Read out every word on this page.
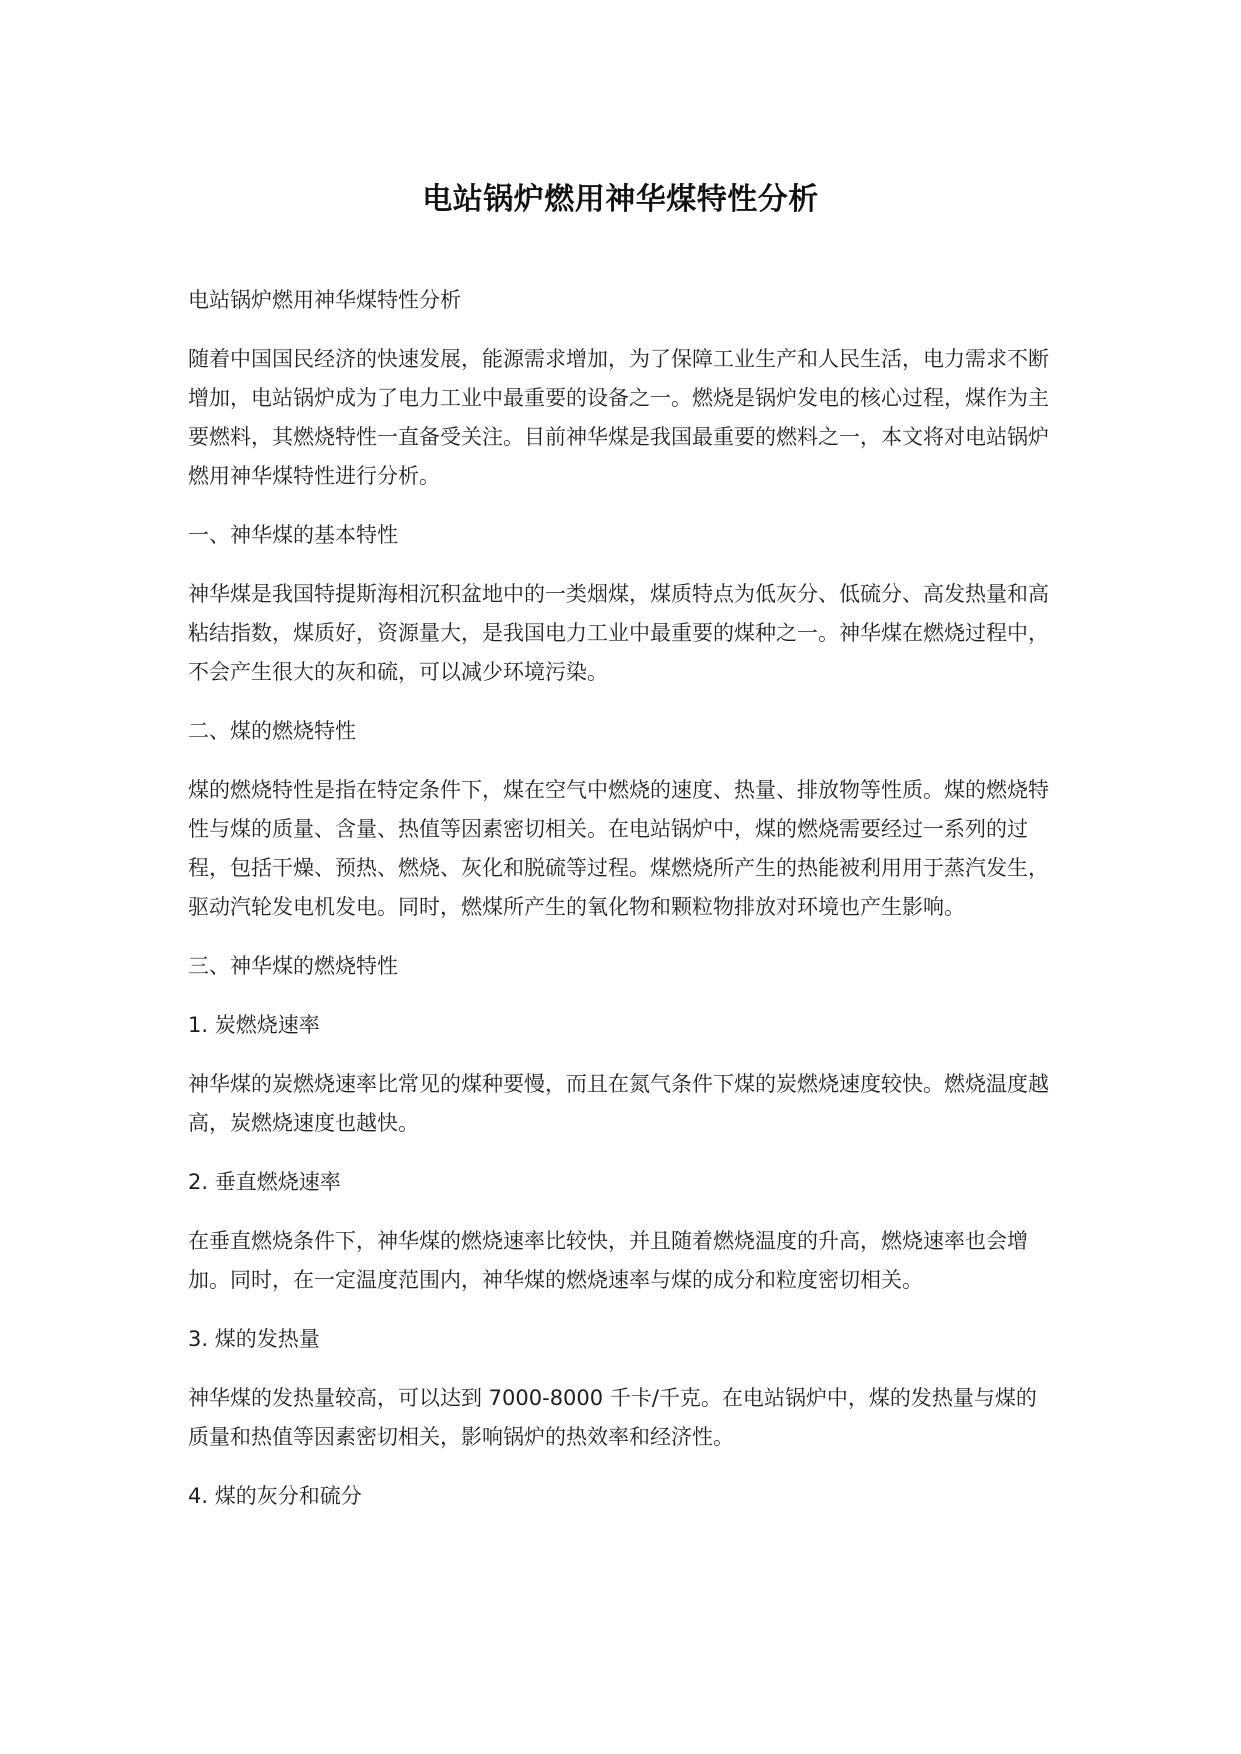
电站锅炉燃用神华煤特性分析

电站锅炉燃用神华煤特性分析

随着中国国民经济的快速发展，能源需求增加，为了保障工业生产和人民生活，电力需求不断增加，电站锅炉成为了电力工业中最重要的设备之一。燃烧是锅炉发电的核心过程，煤作为主要燃料，其燃烧特性一直备受关注。目前神华煤是我国最重要的燃料之一，本文将对电站锅炉燃用神华煤特性进行分析。

一、神华煤的基本特性

神华煤是我国特提斯海相沉积盆地中的一类烟煤，煤质特点为低灰分、低硫分、高发热量和高粘结指数，煤质好，资源量大，是我国电力工业中最重要的煤种之一。神华煤在燃烧过程中，不会产生很大的灰和硫，可以减少环境污染。

二、煤的燃烧特性

煤的燃烧特性是指在特定条件下，煤在空气中燃烧的速度、热量、排放物等性质。煤的燃烧特性与煤的质量、含量、热值等因素密切相关。在电站锅炉中，煤的燃烧需要经过一系列的过程，包括干燥、预热、燃烧、灰化和脱硫等过程。煤燃烧所产生的热能被利用用于蒸汽发生，驱动汽轮发电机发电。同时，燃煤所产生的氧化物和颗粒物排放对环境也产生影响。

三、神华煤的燃烧特性

1. 炭燃烧速率

神华煤的炭燃烧速率比常见的煤种要慢，而且在氮气条件下煤的炭燃烧速度较快。燃烧温度越高，炭燃烧速度也越快。

2. 垂直燃烧速率

在垂直燃烧条件下，神华煤的燃烧速率比较快，并且随着燃烧温度的升高，燃烧速率也会增加。同时，在一定温度范围内，神华煤的燃烧速率与煤的成分和粒度密切相关。

3. 煤的发热量

神华煤的发热量较高，可以达到 7000-8000 千卡/千克。在电站锅炉中，煤的发热量与煤的质量和热值等因素密切相关，影响锅炉的热效率和经济性。

4. 煤的灰分和硫分
